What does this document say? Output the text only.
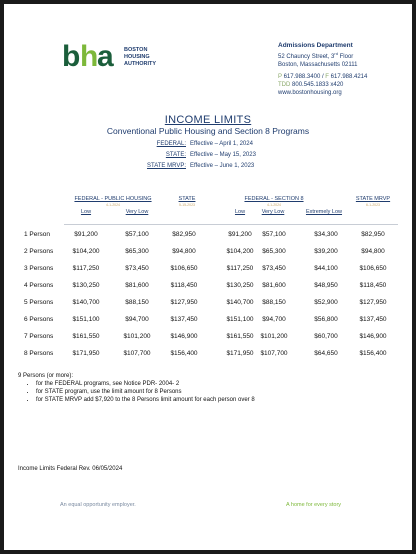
b h
a BOSTON
HOUSING
AUTHORITY
Admissions Department
52 Chauncy Street, 3rd Floor
Boston, Massachusetts 02111
P 617.988.3400 / F 617.988.4214
TDD 800.545.1833 x420
www.bostonhousing.org
INCOME LIMITS
Conventional Public Housing and Section 8 Programs
FEDERAL: Effective – April 1, 2024
STATE: Effective – May 15, 2023
STATE MRVP: Effective – June 1, 2023
FEDERAL - PUBLIC HOUSING
4-1-2024
STATE
5-15-2023
FEDERAL - SECTION 8
4-1-2024
STATE MRVP
6-1-2023
Low	Very Low	Low	Very Low	Extremely Low
1 Person	$91,200	$57,100	$82,950	$91,200	$57,100	$34,300	$82,950
2 Persons	$104,200	$65,300	$94,800	$104,200	$65,300	$39,200	$94,800
3 Persons	$117,250	$73,450	$106,650	$117,250	$73,450	$44,100	$106,650
4 Persons	$130,250	$81,600	$118,450	$130,250	$81,600	$48,950	$118,450
5 Persons	$140,700	$88,150	$127,950	$140,700	$88,150	$52,900	$127,950
6 Persons	$151,100	$94,700	$137,450	$151,100	$94,700	$56,800	$137,450
7 Persons	$161,550	$101,200	$146,900	$161,550	$101,200	$60,700	$146,900
8 Persons	$171,950	$107,700	$156,400	$171,950	$107,700	$64,650	$156,400
9 Persons (or more):
• for the FEDERAL programs, see Notice PDR- 2004- 2
• for STATE program, use the limit amount for 8 Persons
• for STATE MRVP add $7,920 to the 8 Persons limit amount for each person over 8
Income Limits Federal Rev. 06/05/2024
An equal opportunity employer.	A home for every story
